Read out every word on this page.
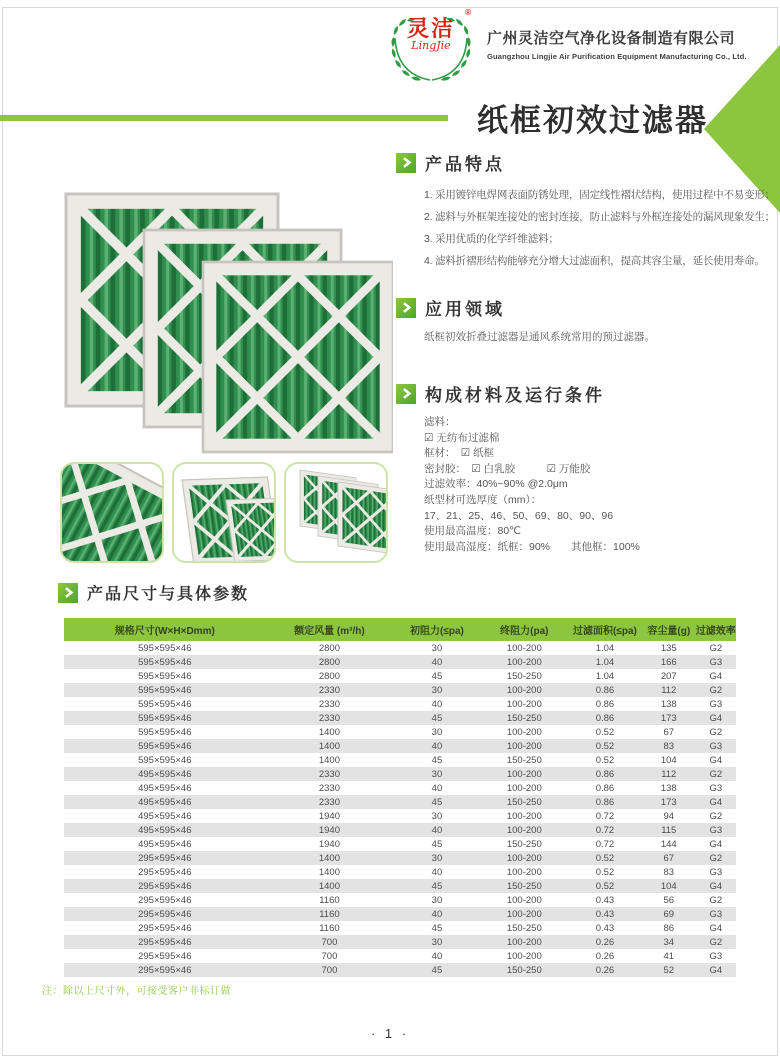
灵洁
®
LingJie 广州灵洁空气净化设备制造有限公司
Guangzhou Lingjie Air Purification Equipment Manufacturing Co., Ltd.
纸框初效过滤器
产品特点
1. 采用镀锌电焊网表面防锈处理，固定线性褶状结构，使用过程中不易变形；
2. 滤料与外框架连接处的密封连接，防止滤料与外框连接处的漏风现象发生；
3. 采用优质的化学纤维滤料；
4. 滤料折褶形结构能够充分增大过滤面积，提高其容尘量，延长使用寿命。
应用领域
纸框初效折叠过滤器是通风系统常用的预过滤器。
构成材料及运行条件
滤料：
☑ 无纺布过滤棉
框材：　☑ 纸框
密封胶：　☑ 白乳胶　　　☑ 万能胶
过滤效率：40%~90% @2.0μm
纸型材可选厚度（mm）：
17、21、25、46、50、69、80、90、96
使用最高温度：80℃
使用最高湿度：纸框：90%　　其他框：100%
产品尺寸与具体参数
规格尺寸(W×H×Dmm)	额定风量 (m³/h)	初阻力(≤pa)	终阻力(pa)	过滤面积(≤pa)	容尘量(g)	过滤效率
595×595×46	2800	30	100-200	1.04	135	G2
595×595×46	2800	40	100-200	1.04	166	G3
595×595×46	2800	45	150-250	1.04	207	G4
595×595×46	2330	30	100-200	0.86	112	G2
595×595×46	2330	40	100-200	0.86	138	G3
595×595×46	2330	45	150-250	0.86	173	G4
595×595×46	1400	30	100-200	0.52	67	G2
595×595×46	1400	40	100-200	0.52	83	G3
595×595×46	1400	45	150-250	0.52	104	G4
495×595×46	2330	30	100-200	0.86	112	G2
495×595×46	2330	40	100-200	0.86	138	G3
495×595×46	2330	45	150-250	0.86	173	G4
495×595×46	1940	30	100-200	0.72	94	G2
495×595×46	1940	40	100-200	0.72	115	G3
495×595×46	1940	45	150-250	0.72	144	G4
295×595×46	1400	30	100-200	0.52	67	G2
295×595×46	1400	40	100-200	0.52	83	G3
295×595×46	1400	45	150-250	0.52	104	G4
295×595×46	1160	30	100-200	0.43	56	G2
295×595×46	1160	40	100-200	0.43	69	G3
295×595×46	1160	45	150-250	0.43	86	G4
295×595×46	700	30	100-200	0.26	34	G2
295×595×46	700	40	100-200	0.26	41	G3
295×595×46	700	45	150-250	0.26	52	G4
注：除以上尺寸外，可接受客户非标订做
· 1 ·
